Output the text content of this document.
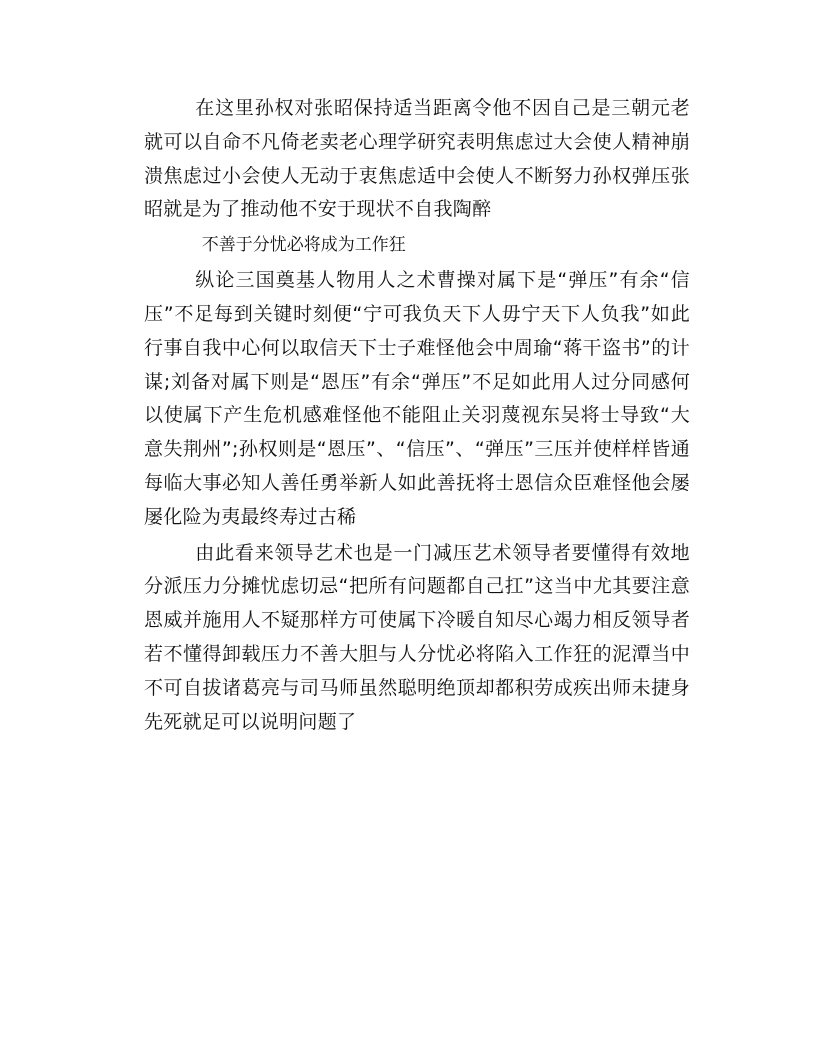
在这里孙权对张昭保持适当距离令他不因自己是三朝元老就可以自命不凡倚老卖老心理学研究表明焦虑过大会使人精神崩溃焦虑过小会使人无动于衷焦虑适中会使人不断努力孙权弹压张昭就是为了推动他不安于现状不自我陶醉

不善于分忧必将成为工作狂

纵论三国奠基人物用人之术曹操对属下是“弹压”有余“信压”不足每到关键时刻便“宁可我负天下人毋宁天下人负我”如此行事自我中心何以取信天下士子难怪他会中周瑜“蒋干盗书”的计谋;刘备对属下则是“恩压”有余“弹压”不足如此用人过分同感何以使属下产生危机感难怪他不能阻止关羽蔑视东吴将士导致“大意失荆州”;孙权则是“恩压”、“信压”、“弹压”三压并使样样皆通每临大事必知人善任勇举新人如此善抚将士恩信众臣难怪他会屡屡化险为夷最终寿过古稀

由此看来领导艺术也是一门减压艺术领导者要懂得有效地分派压力分摊忧虑切忌“把所有问题都自己扛”这当中尤其要注意恩威并施用人不疑那样方可使属下冷暖自知尽心竭力相反领导者若不懂得卸载压力不善大胆与人分忧必将陷入工作狂的泥潭当中不可自拔诸葛亮与司马师虽然聪明绝顶却都积劳成疾出师未捷身先死就足可以说明问题了
